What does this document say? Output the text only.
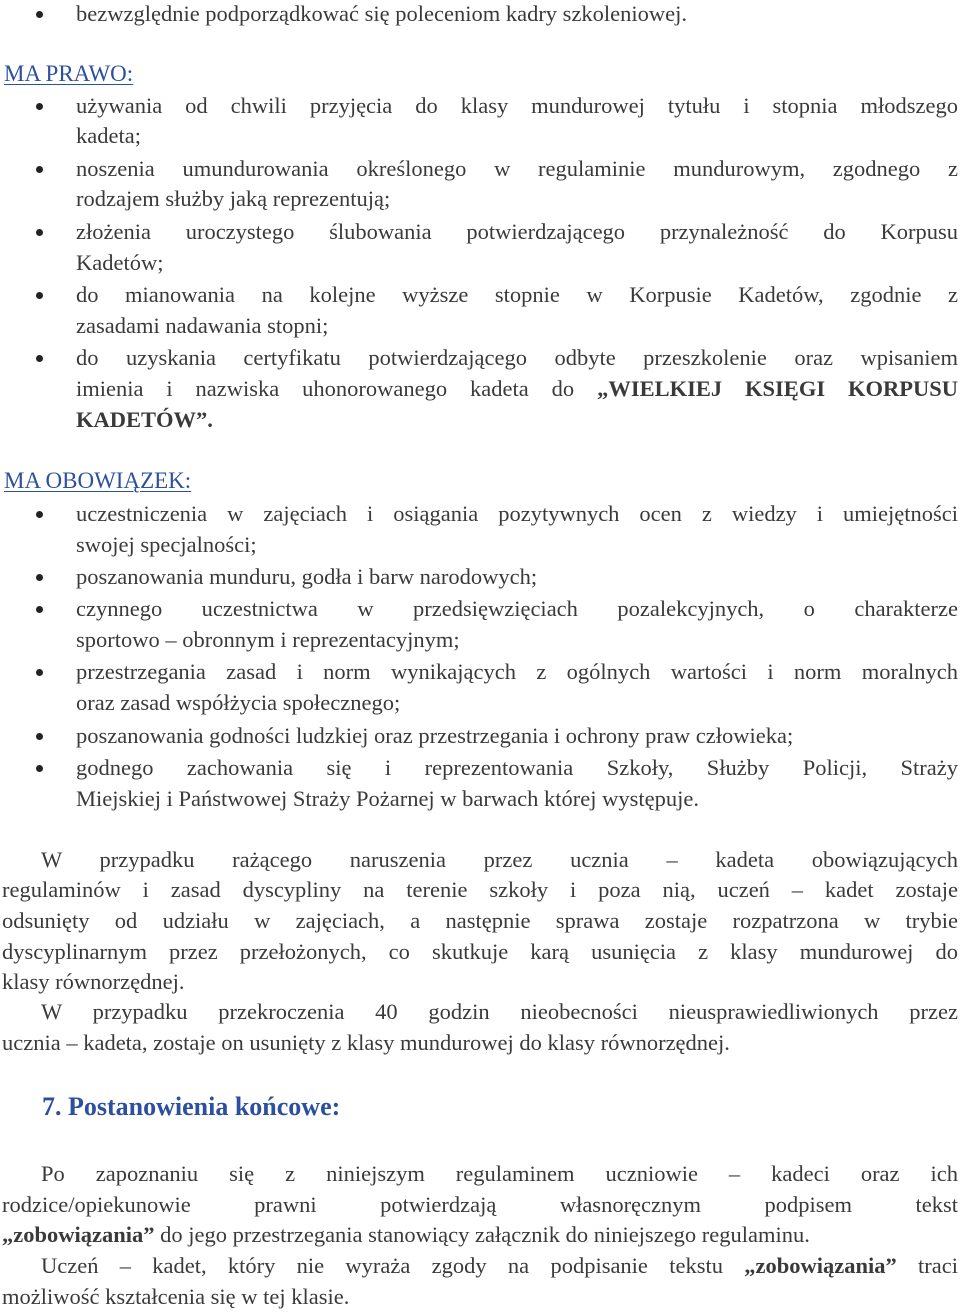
bezwzględnie podporządkować się poleceniom kadry szkoleniowej.
MA PRAWO:
używania od chwili przyjęcia do klasy mundurowej tytułu i stopnia młodszego
kadeta;
noszenia umundurowania określonego w regulaminie mundurowym, zgodnego z
rodzajem służby jaką reprezentują;
złożenia uroczystego ślubowania potwierdzającego przynależność do Korpusu
Kadetów;
do mianowania na kolejne wyższe stopnie w Korpusie Kadetów, zgodnie z
zasadami nadawania stopni;
do uzyskania certyfikatu potwierdzającego odbyte przeszkolenie oraz wpisaniem
imienia i nazwiska uhonorowanego kadeta do „WIELKIEJ KSIĘGI KORPUSU
KADETÓW”.
MA OBOWIĄZEK:
uczestniczenia w zajęciach i osiągania pozytywnych ocen z wiedzy i umiejętności
swojej specjalności;
poszanowania munduru, godła i barw narodowych;
czynnego uczestnictwa w przedsięwzięciach pozalekcyjnych, o charakterze
sportowo – obronnym i reprezentacyjnym;
przestrzegania zasad i norm wynikających z ogólnych wartości i norm moralnych
oraz zasad współżycia społecznego;
poszanowania godności ludzkiej oraz przestrzegania i ochrony praw człowieka;
godnego zachowania się i reprezentowania Szkoły, Służby Policji, Straży
Miejskiej i Państwowej Straży Pożarnej w barwach której występuje.
W przypadku rażącego naruszenia przez ucznia – kadeta obowiązujących
regulaminów i zasad dyscypliny na terenie szkoły i poza nią, uczeń – kadet zostaje
odsunięty od udziału w zajęciach, a następnie sprawa zostaje rozpatrzona w trybie
dyscyplinarnym przez przełożonych, co skutkuje karą usunięcia z klasy mundurowej do
klasy równorzędnej.
W przypadku przekroczenia 40 godzin nieobecności nieusprawiedliwionych przez
ucznia – kadeta, zostaje on usunięty z klasy mundurowej do klasy równorzędnej.
7. Postanowienia końcowe:
Po zapoznaniu się z niniejszym regulaminem uczniowie – kadeci oraz ich
rodzice/opiekunowie prawni potwierdzają własnoręcznym podpisem tekst
„zobowiązania” do jego przestrzegania stanowiący załącznik do niniejszego regulaminu.
Uczeń – kadet, który nie wyraża zgody na podpisanie tekstu „zobowiązania” traci
możliwość kształcenia się w tej klasie.
